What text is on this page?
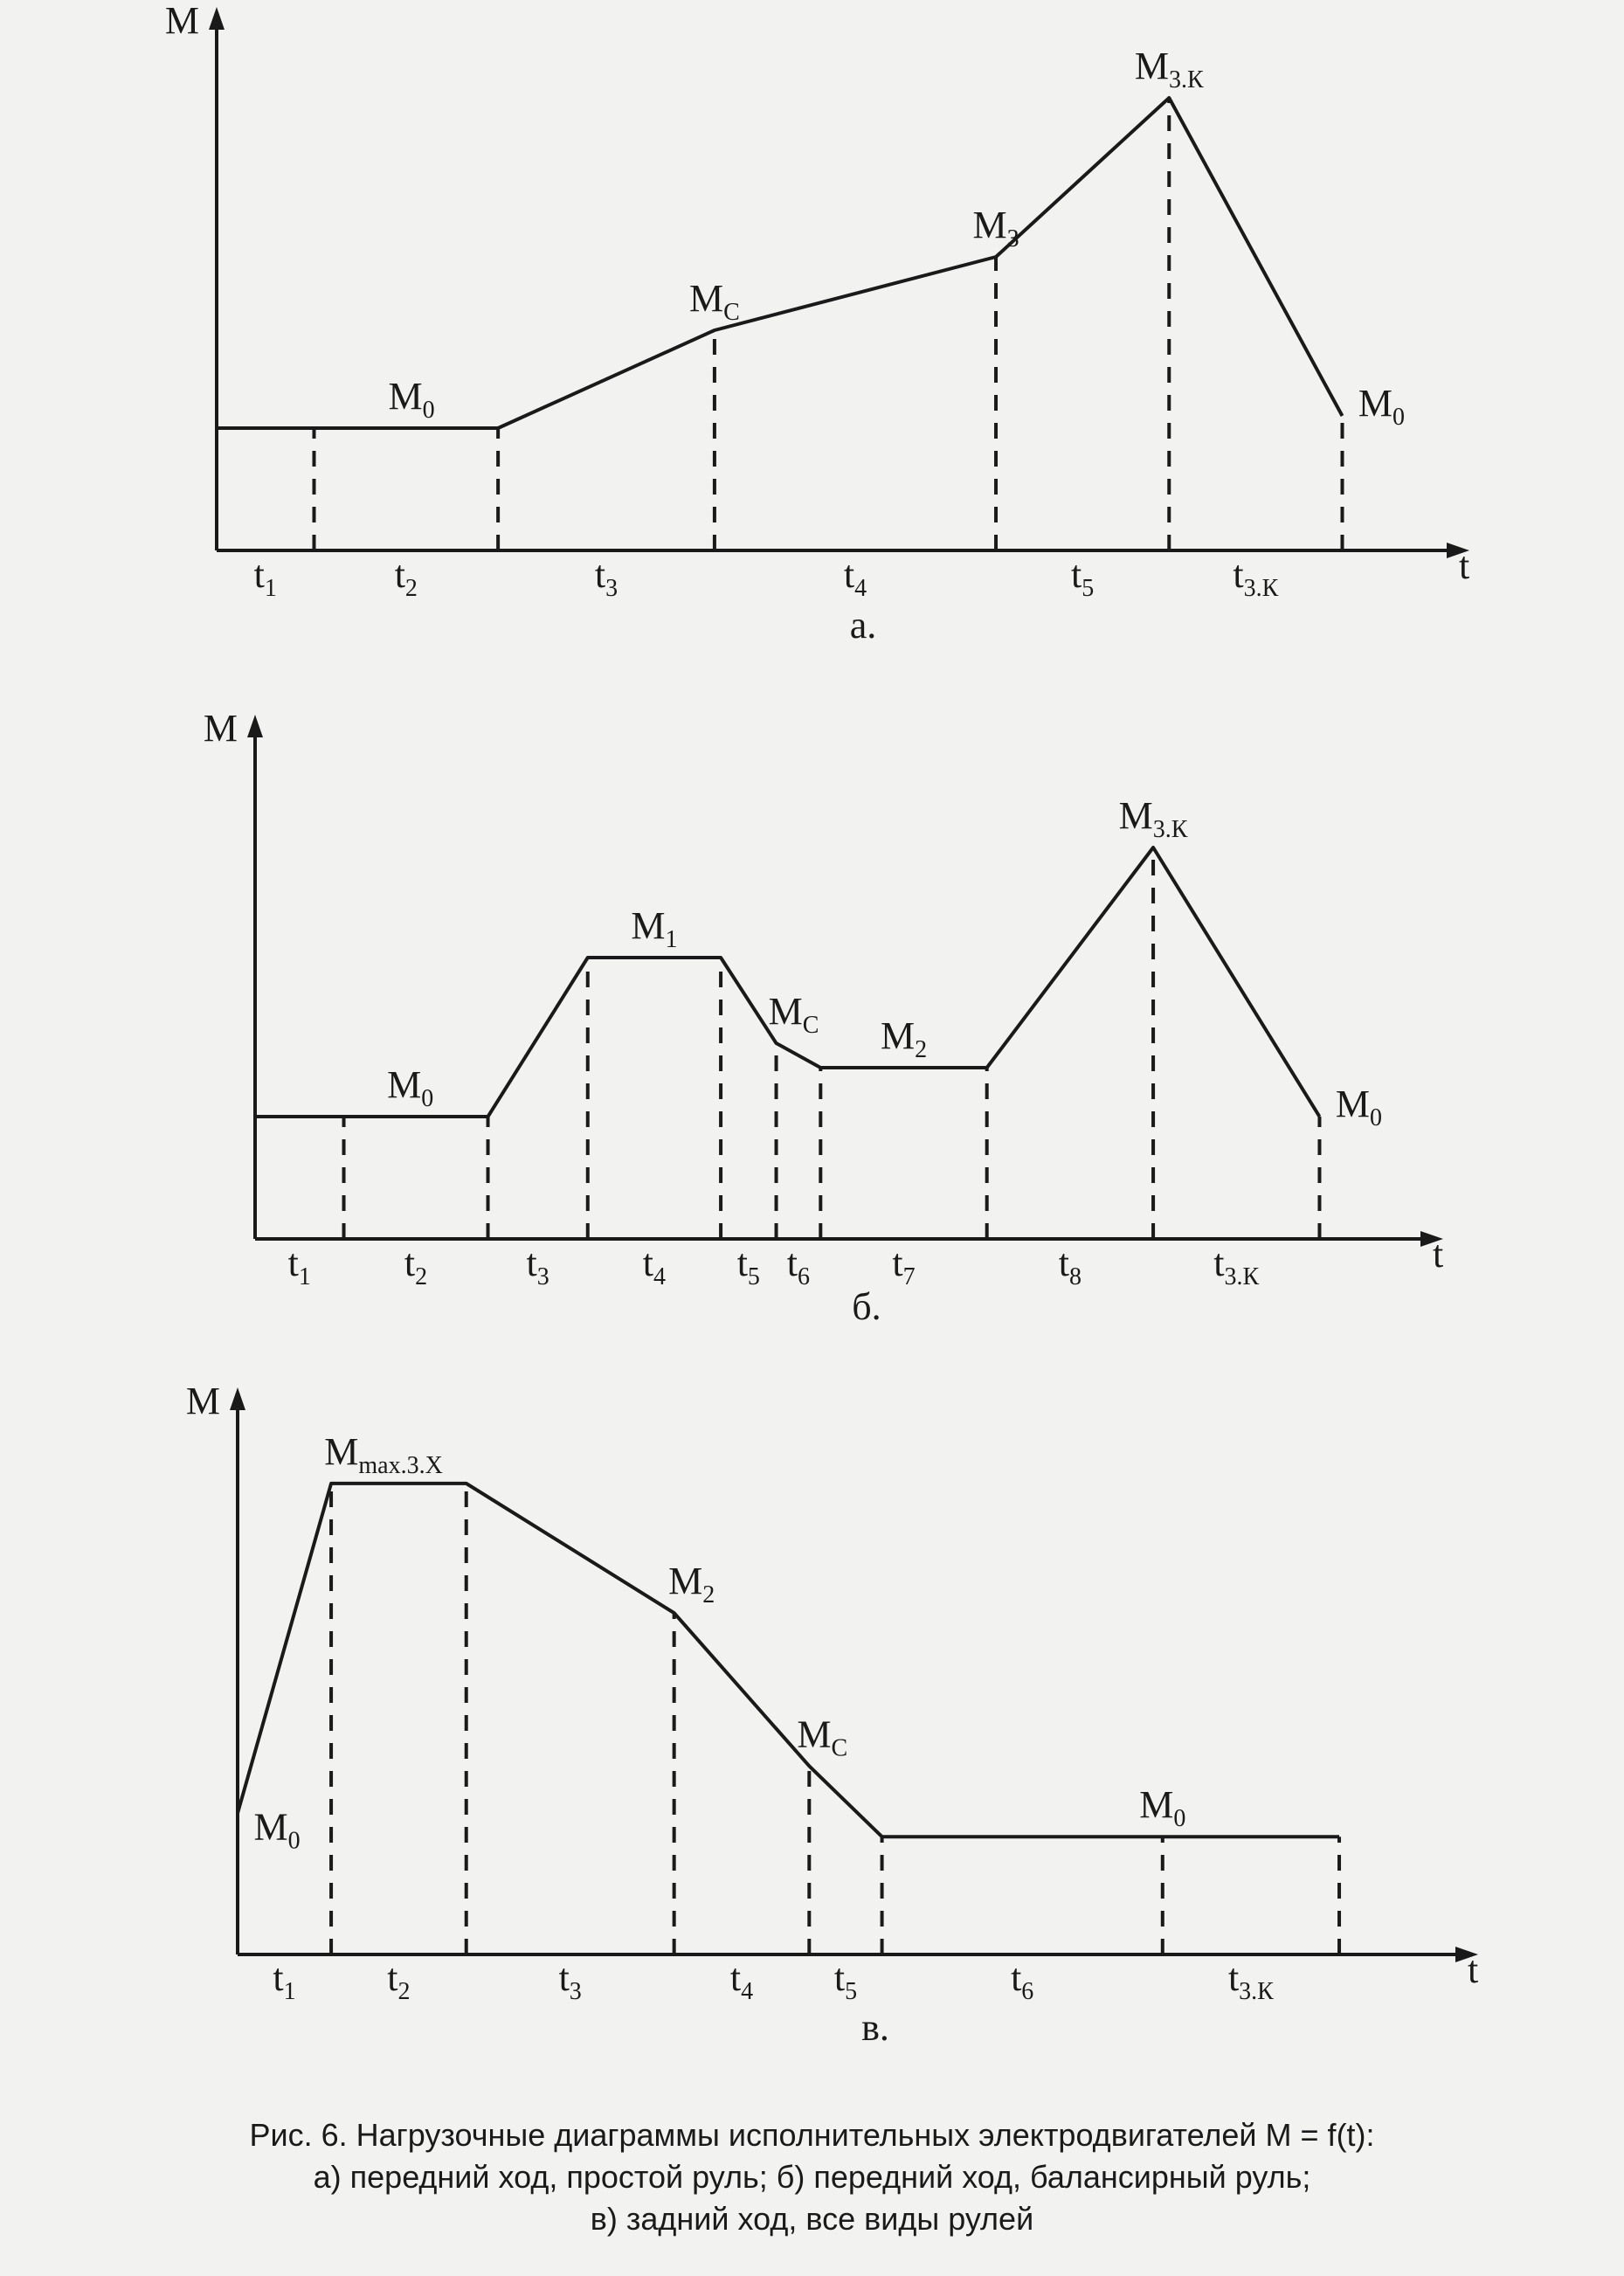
M
t
$t_1$	$t_2$	$t_3$	$t_4$	$t_5$	$t_{3.К}$
$M_0$
$M_C$
$M_3$
$M_{3.К}$
$M_0$
а.
M
t
$t_1$ $t_2$	$t_3$ $t_4$ $t_5$ $t_6$ $t_7$	$t_8$	$t_{3.К}$
$M_0$
$M_1$
$M_C$ $M_2$
$M_{3.К}$
$M_0$
б.
M
t
$t_1$ $t_2$	$t_3$	$t_4$ $t_5$	$t_6$	$t_{3.К}$
$M_0$
$M_{max.3.X}$
$M_2$
$M_C$
$M_0$
в.
Рис. 6. Нагрузочные диаграммы исполнительных электродвигателей M = f(t):
а) передний ход, простой руль; б) передний ход, балансирный руль;
в) задний ход, все виды рулей
